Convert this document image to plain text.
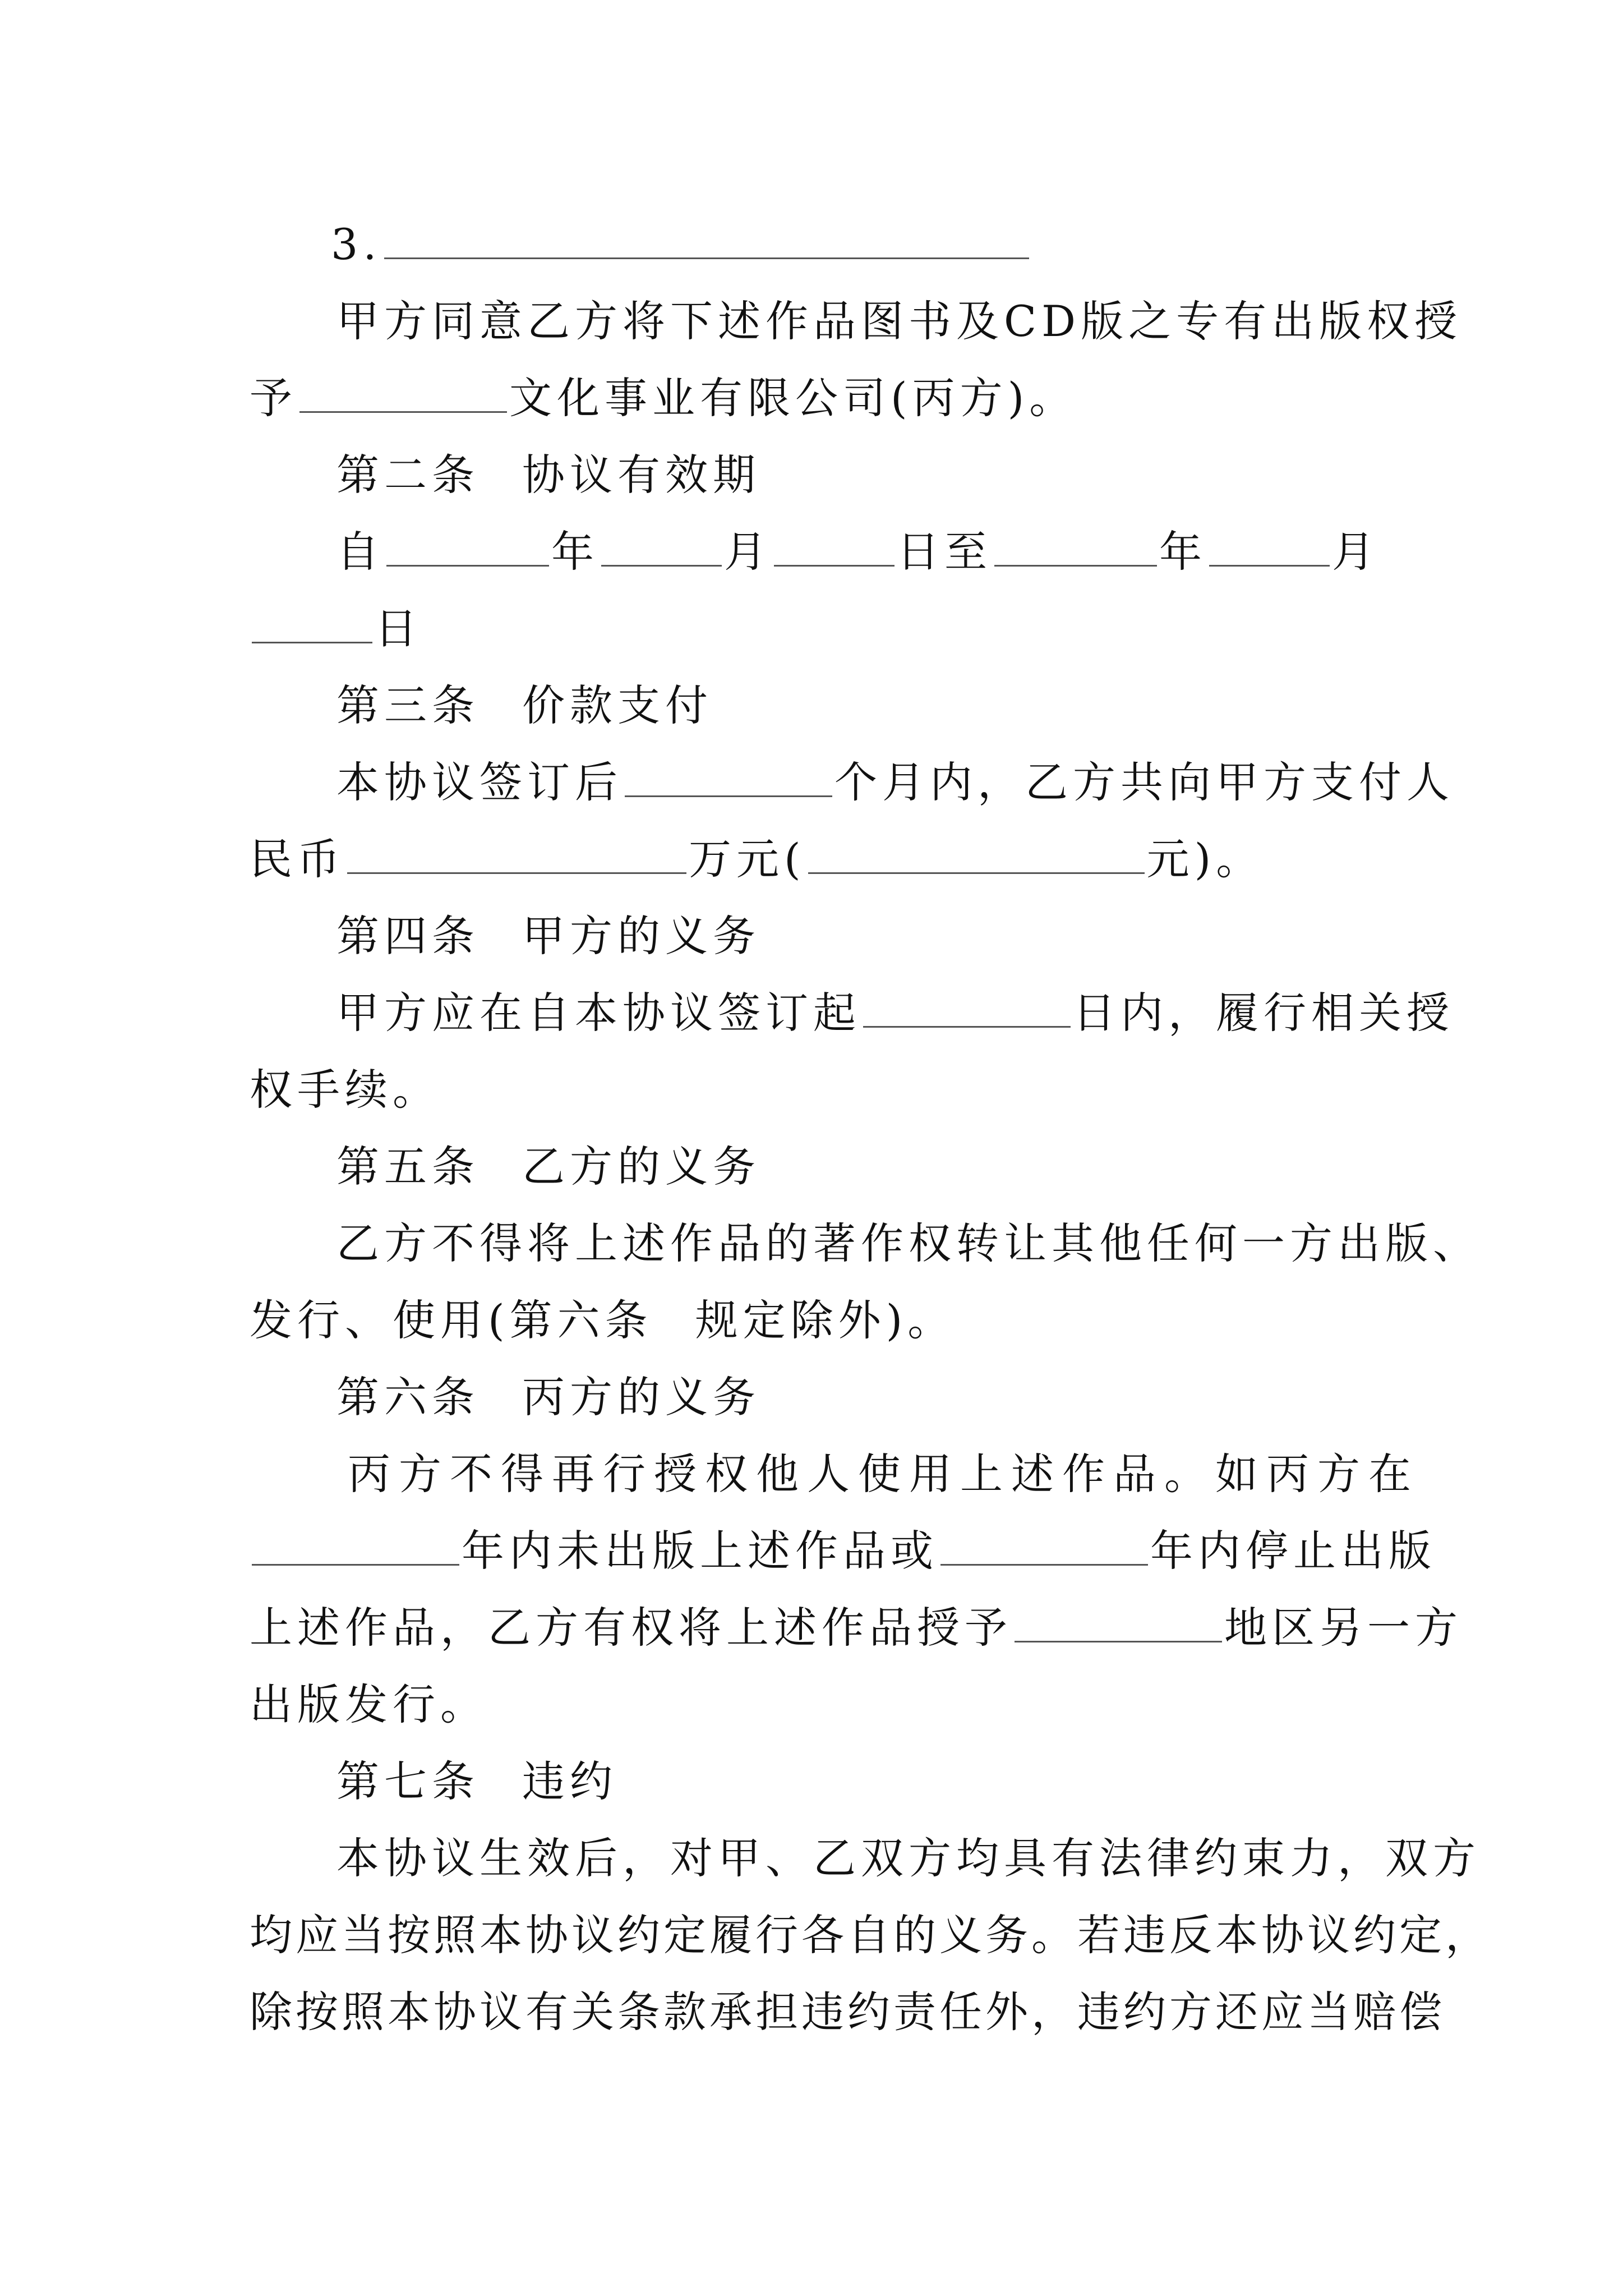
3.
甲方同意乙方将下述作品图书及CD版之专有出版权授
予	文化事业有限公司(丙方)。
第二条 协议有效期
自	年	月	日至	年	月
日
第三条 价款支付
本协议签订后	个月内，乙方共向甲方支付人
民币	万元(	元)。
第四条 甲方的义务
甲方应在自本协议签订起	日内，履行相关授
权手续。
第五条 乙方的义务
乙方不得将上述作品的著作权转让其他任何一方出版、
发行、使用(第六条 规定除外)。
第六条 丙方的义务
丙方不得再行授权他人使用上述作品。如丙方在
年内未出版上述作品或	年内停止出版
上述作品，乙方有权将上述作品授予	地区另一方
出版发行。
第七条 违约
本协议生效后，对甲、乙双方均具有法律约束力，双方
均应当按照本协议约定履行各自的义务。若违反本协议约定，
除按照本协议有关条款承担违约责任外，违约方还应当赔偿
